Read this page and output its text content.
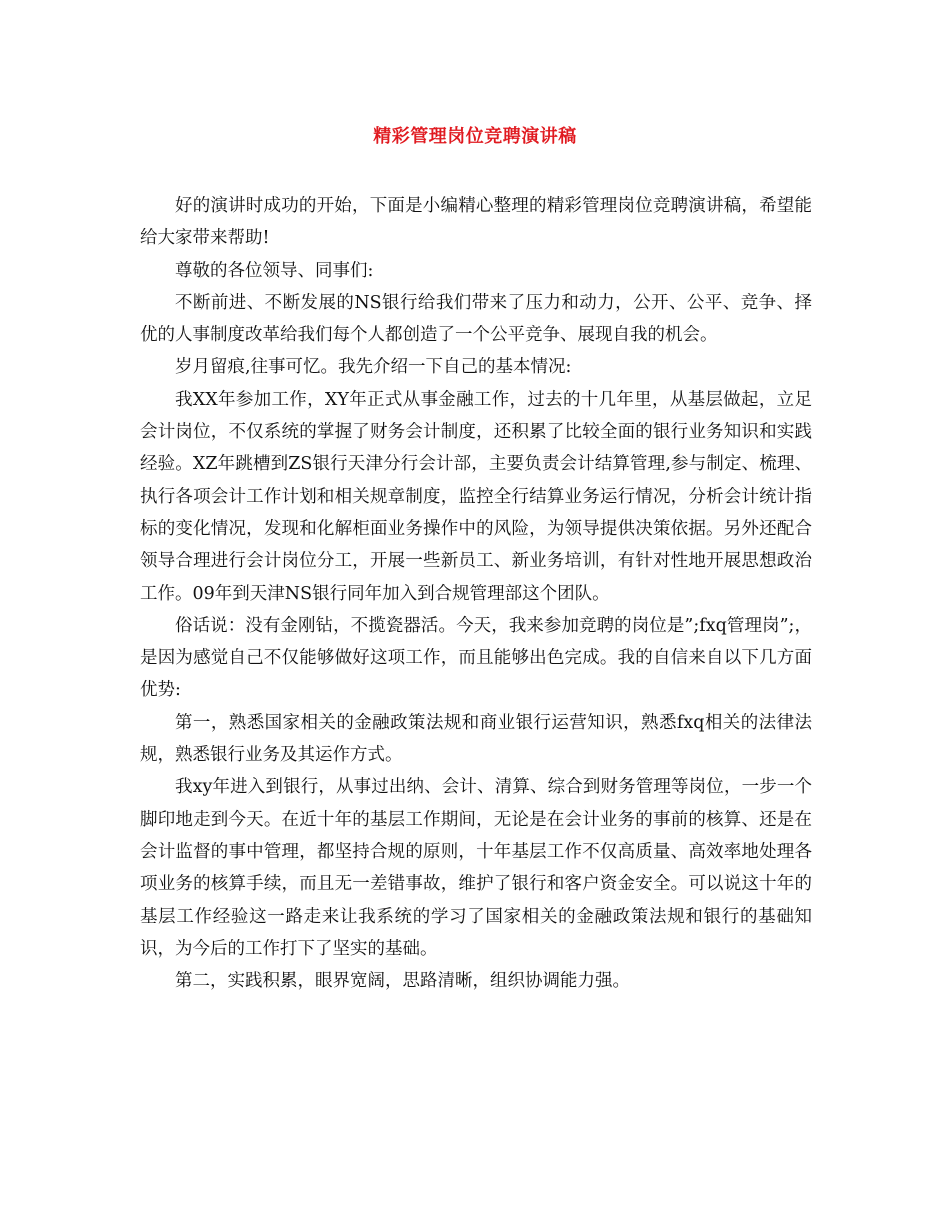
精彩管理岗位竞聘演讲稿

好的演讲时成功的开始，下面是小编精心整理的精彩管理岗位竞聘演讲稿，希望能给大家带来帮助!

尊敬的各位领导、同事们:

不断前进、不断发展的NS银行给我们带来了压力和动力，公开、公平、竞争、择优的人事制度改革给我们每个人都创造了一个公平竞争、展现自我的机会。

岁月留痕,往事可忆。我先介绍一下自己的基本情况:

我XX年参加工作，XY年正式从事金融工作，过去的十几年里，从基层做起，立足会计岗位，不仅系统的掌握了财务会计制度，还积累了比较全面的银行业务知识和实践经验。XZ年跳槽到ZS银行天津分行会计部，主要负责会计结算管理,参与制定、梳理、执行各项会计工作计划和相关规章制度，监控全行结算业务运行情况，分析会计统计指标的变化情况，发现和化解柜面业务操作中的风险，为领导提供决策依据。另外还配合领导合理进行会计岗位分工，开展一些新员工、新业务培训，有针对性地开展思想政治工作。09年到天津NS银行同年加入到合规管理部这个团队。

俗话说：没有金刚钻，不揽瓷器活。今天，我来参加竞聘的岗位是”;fxq管理岗”;，是因为感觉自己不仅能够做好这项工作，而且能够出色完成。我的自信来自以下几方面优势:

第一，熟悉国家相关的金融政策法规和商业银行运营知识，熟悉fxq相关的法律法规，熟悉银行业务及其运作方式。

我xy年进入到银行，从事过出纳、会计、清算、综合到财务管理等岗位，一步一个脚印地走到今天。在近十年的基层工作期间，无论是在会计业务的事前的核算、还是在会计监督的事中管理，都坚持合规的原则，十年基层工作不仅高质量、高效率地处理各项业务的核算手续，而且无一差错事故，维护了银行和客户资金安全。可以说这十年的基层工作经验这一路走来让我系统的学习了国家相关的金融政策法规和银行的基础知识，为今后的工作打下了坚实的基础。

第二，实践积累，眼界宽阔，思路清晰，组织协调能力强。
